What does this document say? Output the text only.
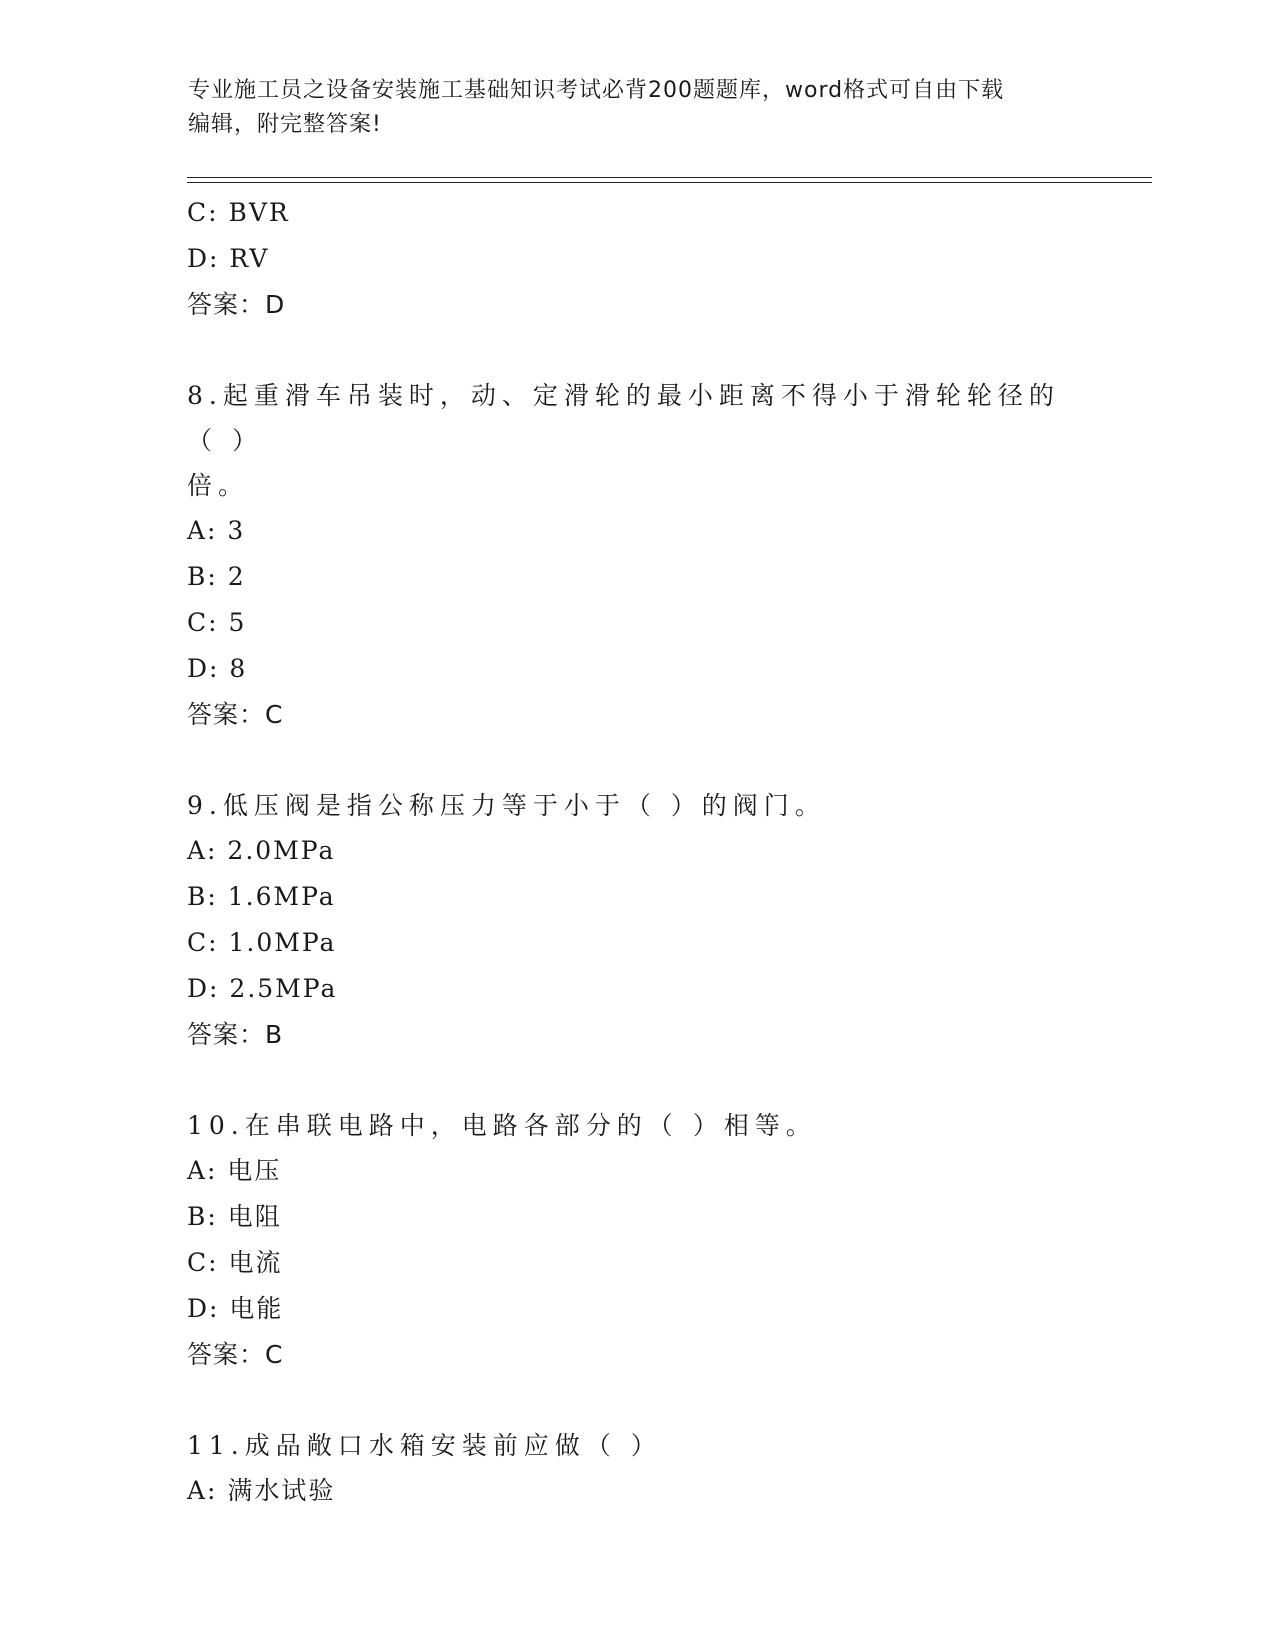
专业施工员之设备安装施工基础知识考试必背200题题库，word格式可自由下载
编辑，附完整答案!
C: BVR
D: RV
答案：D
8.起重滑车吊装时，动、定滑轮的最小距离不得小于滑轮轮径的（ ）
倍。
A: 3
B: 2
C: 5
D: 8
答案：C
9.低压阀是指公称压力等于小于（ ）的阀门。
A: 2.0MPa
B: 1.6MPa
C: 1.0MPa
D: 2.5MPa
答案：B
10.在串联电路中，电路各部分的（ ）相等。
A: 电压
B: 电阻
C: 电流
D: 电能
答案：C
11.成品敞口水箱安装前应做（ ）
A: 满水试验
